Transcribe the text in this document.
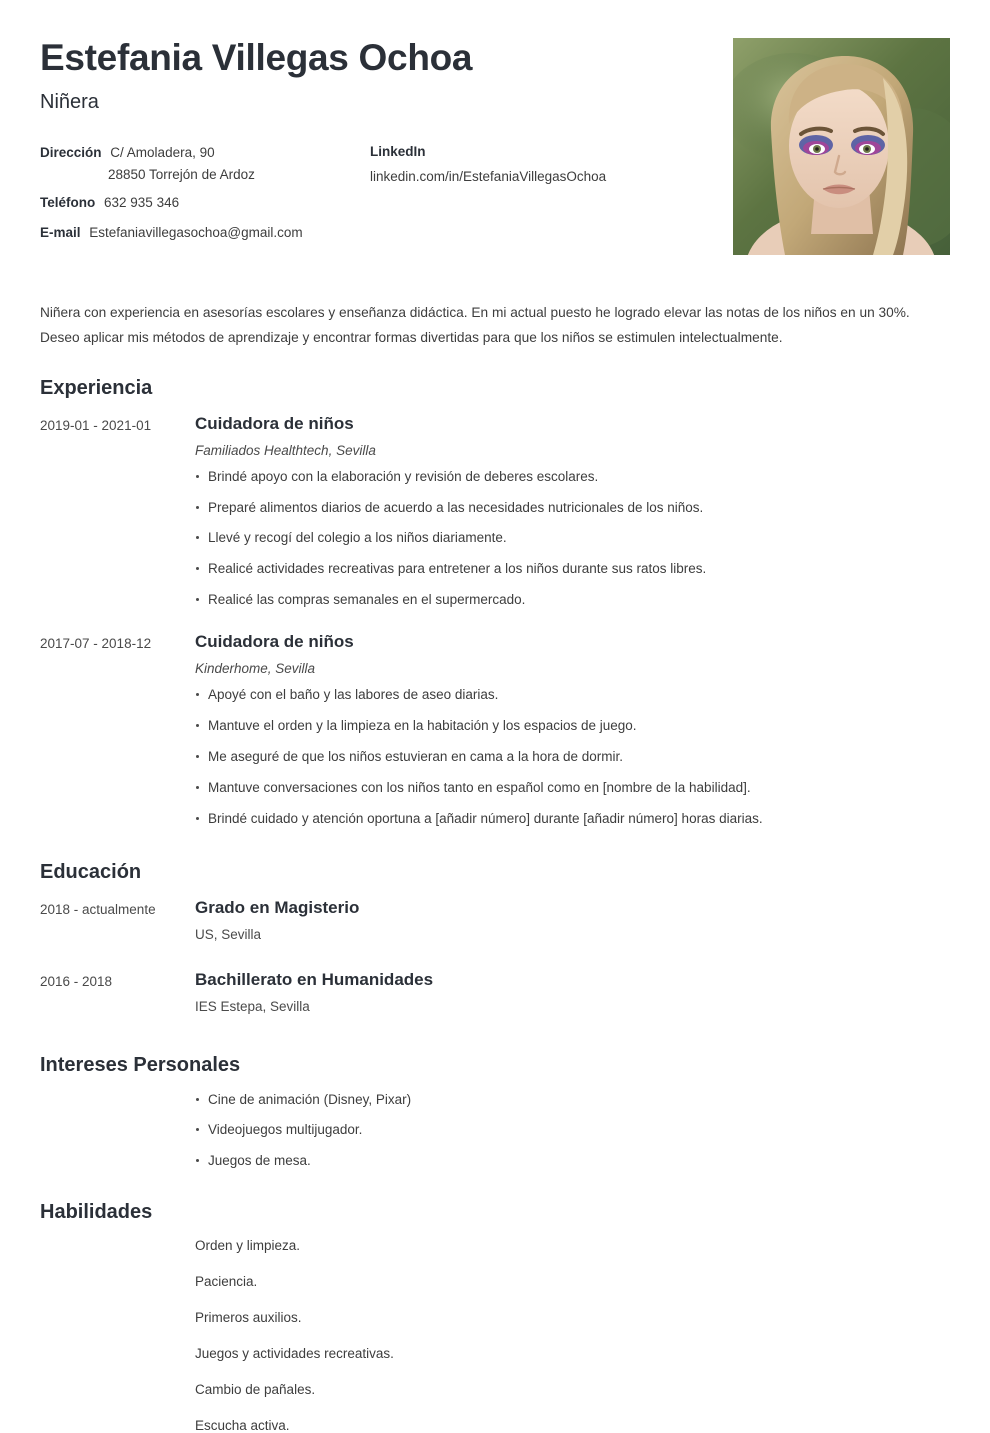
Estefania Villegas Ochoa
Niñera
Dirección C/ Amoladera, 90
28850 Torrejón de Ardoz
Teléfono 632 935 346
E-mail Estefaniavillegasochoa@gmail.com
LinkedIn
linkedin.com/in/EstefaniaVillegasOchoa

Niñera con experiencia en asesorías escolares y enseñanza didáctica. En mi actual puesto he logrado elevar las notas de los niños en un 30%. Deseo aplicar mis métodos de aprendizaje y encontrar formas divertidas para que los niños se estimulen intelectualmente.

Experiencia
2019-01 - 2021-01	Cuidadora de niños
Familiados Healthtech, Sevilla
Brindé apoyo con la elaboración y revisión de deberes escolares.
Preparé alimentos diarios de acuerdo a las necesidades nutricionales de los niños.
Llevé y recogí del colegio a los niños diariamente.
Realicé actividades recreativas para entretener a los niños durante sus ratos libres.
Realicé las compras semanales en el supermercado.
2017-07 - 2018-12	Cuidadora de niños
Kinderhome, Sevilla
Apoyé con el baño y las labores de aseo diarias.
Mantuve el orden y la limpieza en la habitación y los espacios de juego.
Me aseguré de que los niños estuvieran en cama a la hora de dormir.
Mantuve conversaciones con los niños tanto en español como en [nombre de la habilidad].
Brindé cuidado y atención oportuna a [añadir número] durante [añadir número] horas diarias.
Educación
2018 - actualmente	Grado en Magisterio
US, Sevilla
2016 - 2018	Bachillerato en Humanidades
IES Estepa, Sevilla
Intereses Personales
Cine de animación (Disney, Pixar)
Videojuegos multijugador.
Juegos de mesa.
Habilidades
Orden y limpieza.
Paciencia.
Primeros auxilios.
Juegos y actividades recreativas.
Cambio de pañales.
Escucha activa.
